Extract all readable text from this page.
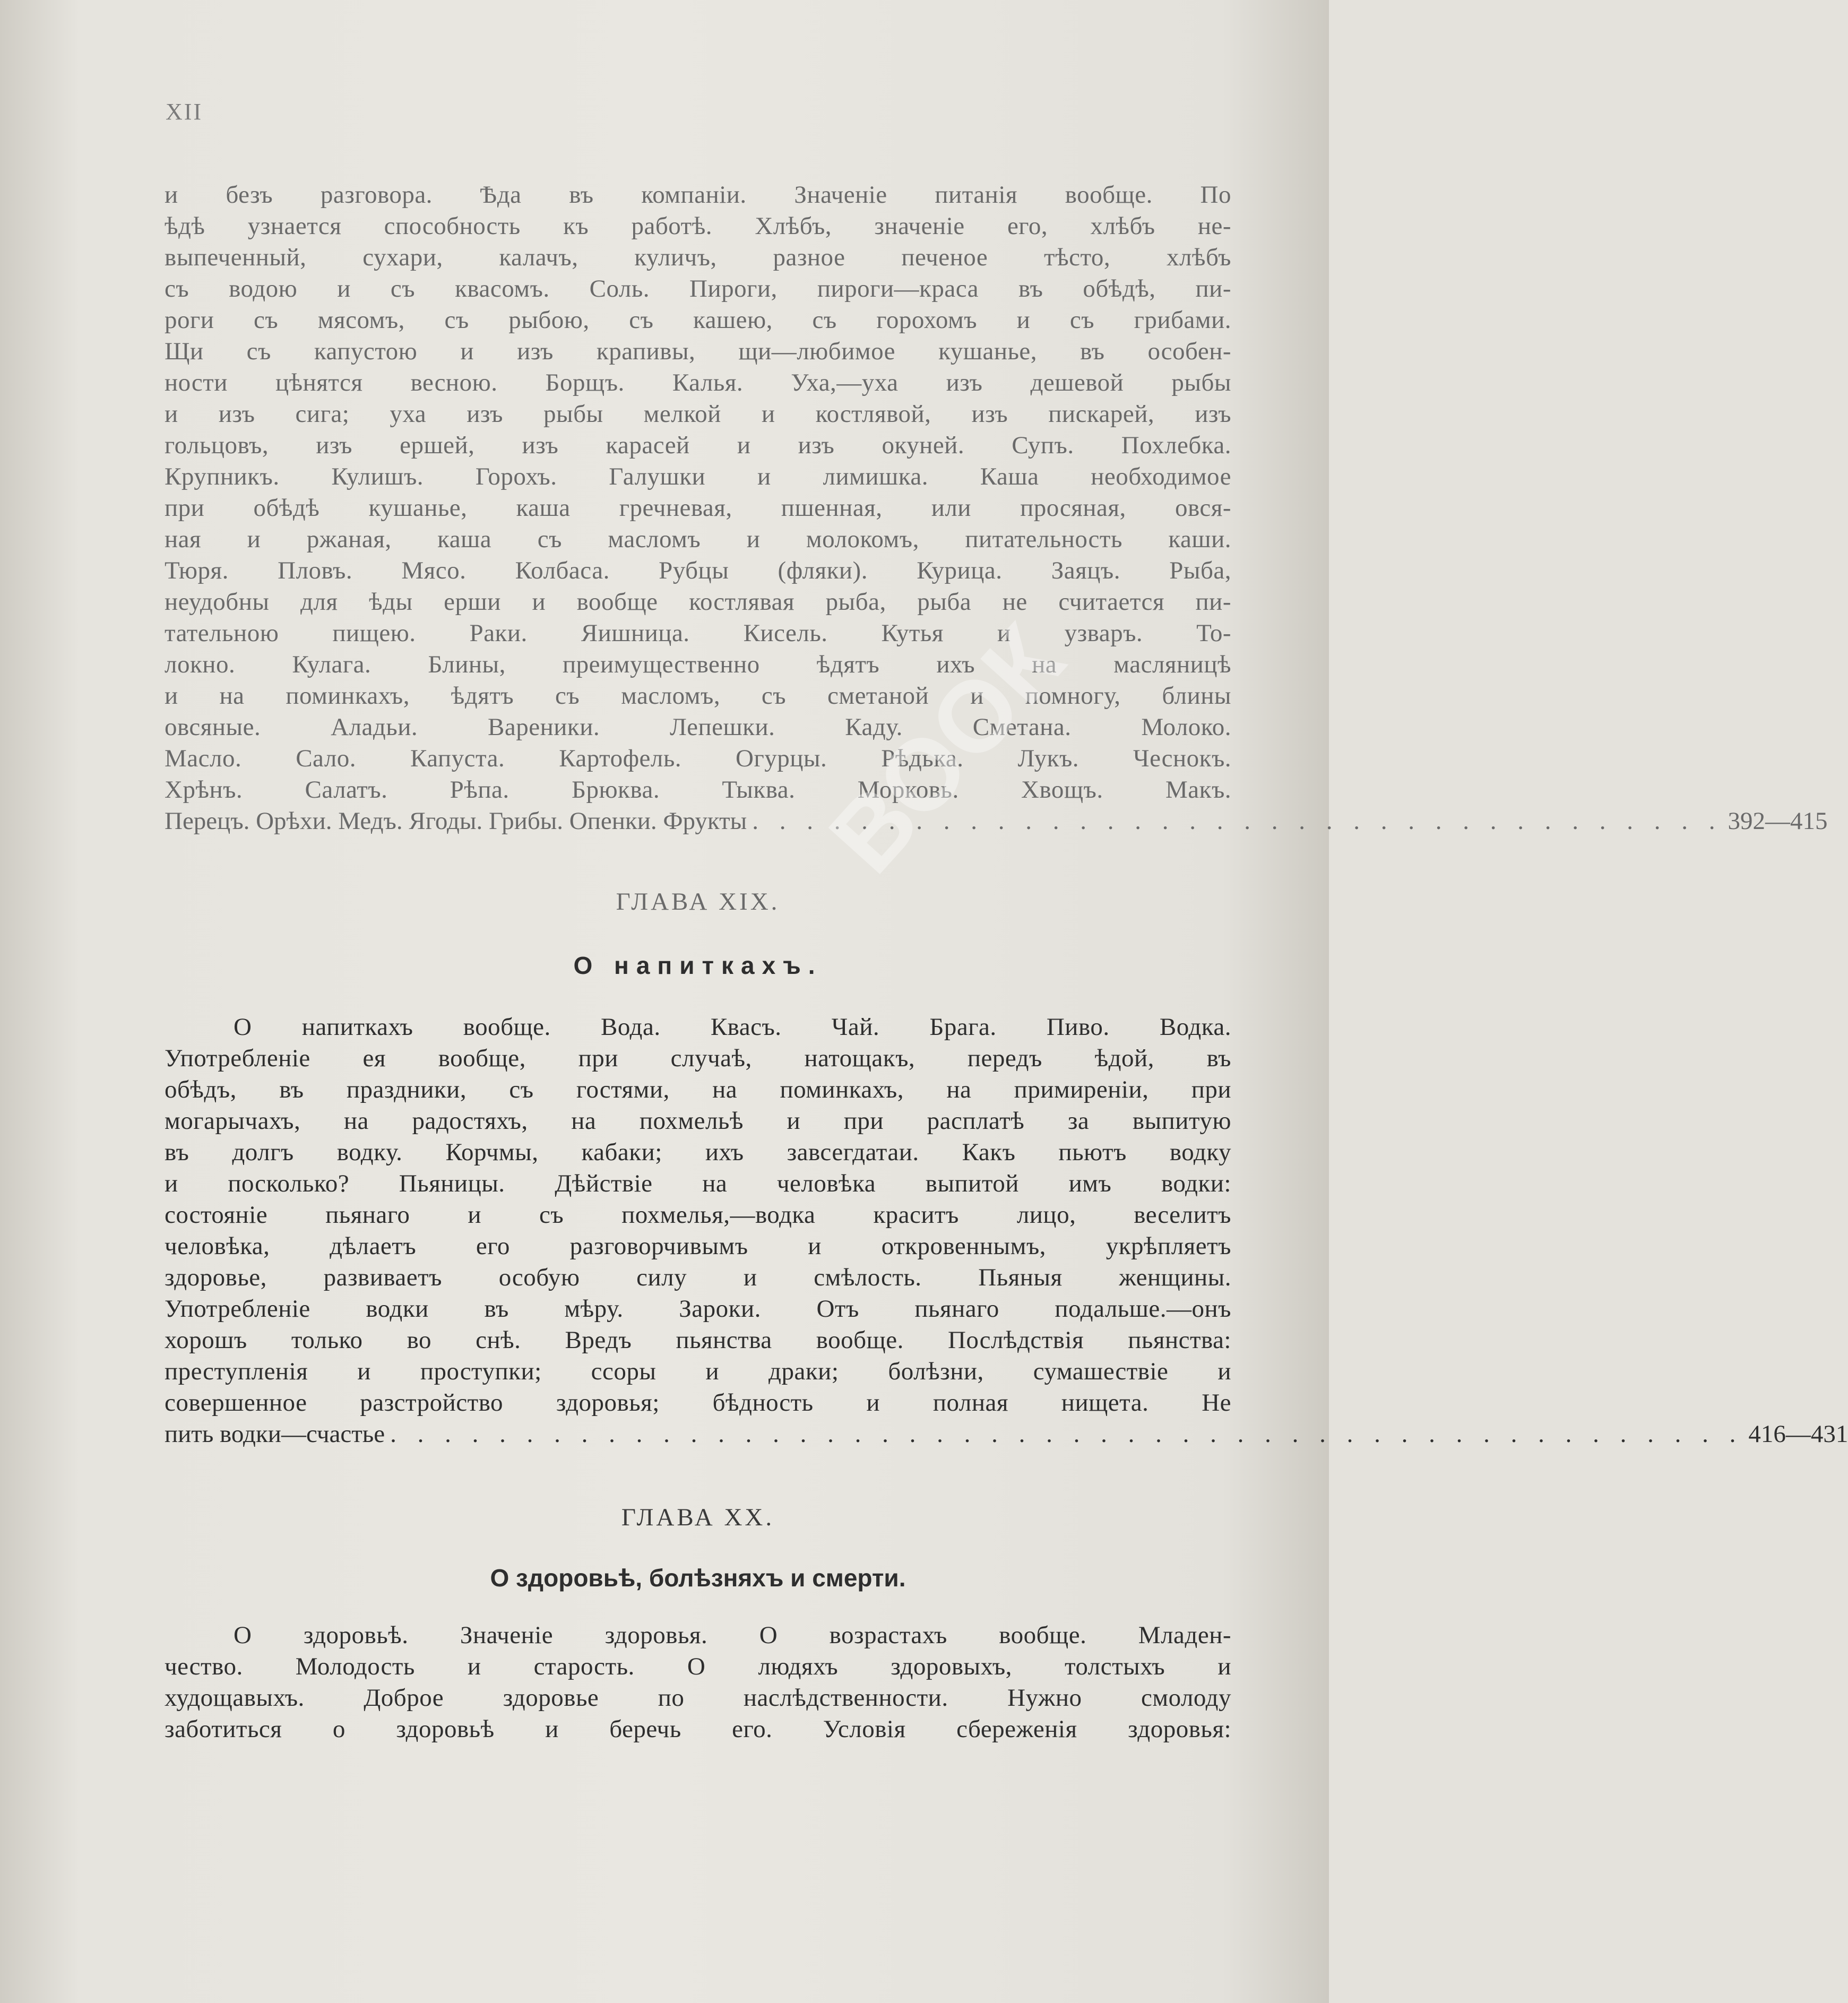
XII
и безъ разговора. Ѣда въ компаніи. Значеніе питанія вообще. По
ѣдѣ узнается способность къ работѣ. Хлѣбъ, значеніе его, хлѣбъ не-
выпеченный, сухари, калачъ, куличъ, разное печеное тѣсто, хлѣбъ
съ водою и съ квасомъ. Соль. Пироги, пироги—краса въ обѣдѣ, пи-
роги съ мясомъ, съ рыбою, съ кашею, съ горохомъ и съ грибами.
Щи съ капустою и изъ крапивы, щи—любимое кушанье, въ особен-
ности цѣнятся весною. Борщъ. Калья. Уха,—уха изъ дешевой рыбы
и изъ сига; уха изъ рыбы мелкой и костлявой, изъ пискарей, изъ
гольцовъ, изъ ершей, изъ карасей и изъ окуней. Супъ. Похлебка.
Крупникъ. Кулишъ. Горохъ. Галушки и лимишка. Каша необходимое
при обѣдѣ кушанье, каша гречневая, пшенная, или просяная, овся-
ная и ржаная, каша съ масломъ и молокомъ, питательность каши.
Тюря. Пловъ. Мясо. Колбаса. Рубцы (фляки). Курица. Заяцъ. Рыба,
неудобны для ѣды ерши и вообще костлявая рыба, рыба не считается пи-
тательною пищею. Раки. Яишница. Кисель. Кутья и узваръ. То-
локно. Кулага. Блины, преимущественно ѣдятъ ихъ на масляницѣ
и на поминкахъ, ѣдятъ съ масломъ, съ сметаной и помногу, блины
овсяные. Аладьи. Вареники. Лепешки. Каду. Сметана. Молоко.
Масло. Сало. Капуста. Картофель. Огурцы. Рѣдька. Лукъ. Чеснокъ.
Хрѣнъ. Салатъ. Рѣпа. Брюква. Тыква. Морковь. Хвощъ. Макъ.
Перецъ. Орѣхи. Медъ. Ягоды. Грибы. Опенки. Фрукты . . . . . . . . . . . . . . . . . . . . . . . . . . . . . . . . . . . . 392—415
ГЛАВА XIX.
О напиткахъ.
О напиткахъ вообще. Вода. Квасъ. Чай. Брага. Пиво. Водка.
Употребленіе ея вообще, при случаѣ, натощакъ, передъ ѣдой, въ
обѣдъ, въ праздники, съ гостями, на поминкахъ, на примиреніи, при
могарычахъ, на радостяхъ, на похмельѣ и при расплатѣ за выпитую
въ долгъ водку. Корчмы, кабаки; ихъ завсегдатаи. Какъ пьютъ водку
и посколько? Пьяницы. Дѣйствіе на человѣка выпитой имъ водки:
состояніе пьянаго и съ похмелья,—водка краситъ лицо, веселитъ
человѣка, дѣлаетъ его разговорчивымъ и откровеннымъ, укрѣпляетъ
здоровье, развиваетъ особую силу и смѣлость. Пьяныя женщины.
Употребленіе водки въ мѣру. Зароки. Отъ пьянаго подальше.—онъ
хорошъ только во снѣ. Вредъ пьянства вообще. Послѣдствія пьянства:
преступленія и проступки; ссоры и драки; болѣзни, сумашествіе и
совершенное разстройство здоровья; бѣдность и полная нищета. Не
пить водки—счастье . . . . . . . . . . . . . . . . . . . . . . . . . . . . . . . . . . . . . . . . . . . . . . . . . . 416—431
ГЛАВА XX.
О здоровьѣ, болѣзняхъ и смерти.
О здоровьѣ. Значеніе здоровья. О возрастахъ вообще. Младен-
чество. Молодость и старость. О людяхъ здоровыхъ, толстыхъ и
худощавыхъ. Доброе здоровье по наслѣдственности. Нужно смолоду
заботиться о здоровьѣ и беречь его. Условія сбереженія здоровья:
ВООК
